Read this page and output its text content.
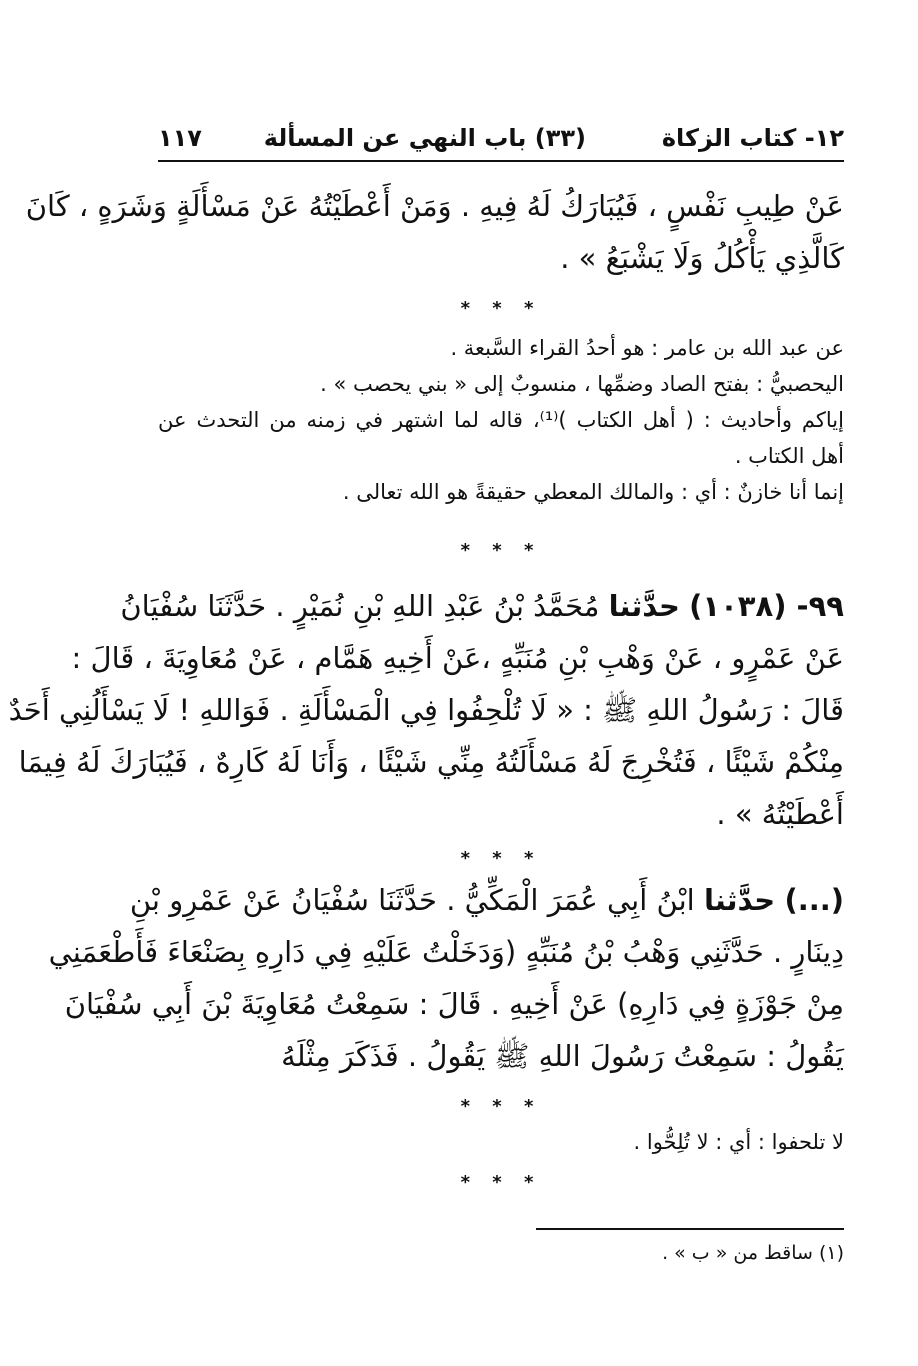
١٢- كتاب الزكاة
(٣٣) باب النهي عن المسألة
١١٧
عَنْ طِيبِ نَفْسٍ ، فَيُبَارَكُ لَهُ فِيهِ . وَمَنْ أَعْطَيْتُهُ عَنْ مَسْأَلَةٍ وَشَرَهٍ ، كَانَ
كَالَّذِي يَأْكُلُ وَلَا يَشْبَعُ » .
* * *
عن عبد الله بن عامر : هو أحدُ القراء السَّبعة .
اليحصبيُّ : بفتح الصاد وضمِّها ، منسوبٌ إلى « بني يحصب » .
إياكم وأحاديث : ( أهل الكتاب )⁽¹⁾، قاله لما اشتهر في زمنه من التحدث عن
أهل الكتاب .
إنما أنا خازنٌ : أي : والمالك المعطي حقيقةً هو الله تعالى .
* * *
٩٩- (١٠٣٨) حدَّثنا مُحَمَّدُ بْنُ عَبْدِ اللهِ بْنِ نُمَيْرٍ . حَدَّثَنَا سُفْيَانُ
عَنْ عَمْرٍو ، عَنْ وَهْبِ بْنِ مُنَبِّهٍ ،عَنْ أَخِيهِ هَمَّام ، عَنْ مُعَاوِيَةَ ، قَالَ :
قَالَ : رَسُولُ اللهِ ﷺ : « لَا تُلْحِفُوا فِي الْمَسْأَلَةِ . فَوَاللهِ ! لَا يَسْأَلُنِي أَحَدٌ
مِنْكُمْ شَيْئًا ، فَتُخْرِجَ لَهُ مَسْأَلَتُهُ مِنِّي شَيْئًا ، وَأَنَا لَهُ كَارِهٌ ، فَيُبَارَكَ لَهُ فِيمَا
أَعْطَيْتُهُ » .
* * *
(...) حدَّثنا ابْنُ أَبِي عُمَرَ الْمَكِّيُّ . حَدَّثَنَا سُفْيَانُ عَنْ عَمْرِو بْنِ
دِينَارٍ . حَدَّثَنِي وَهْبُ بْنُ مُنَبِّهٍ (وَدَخَلْتُ عَلَيْهِ فِي دَارِهِ بِصَنْعَاءَ فَأَطْعَمَنِي
مِنْ جَوْزَةٍ فِي دَارِهِ) عَنْ أَخِيهِ . قَالَ : سَمِعْتُ مُعَاوِيَةَ بْنَ أَبِي سُفْيَانَ
يَقُولُ : سَمِعْتُ رَسُولَ اللهِ ﷺ يَقُولُ . فَذَكَرَ مِثْلَهُ
* * *
لا تلحفوا : أي : لا تُلِحُّوا .
* * *
(١) ساقط من « ب » .
